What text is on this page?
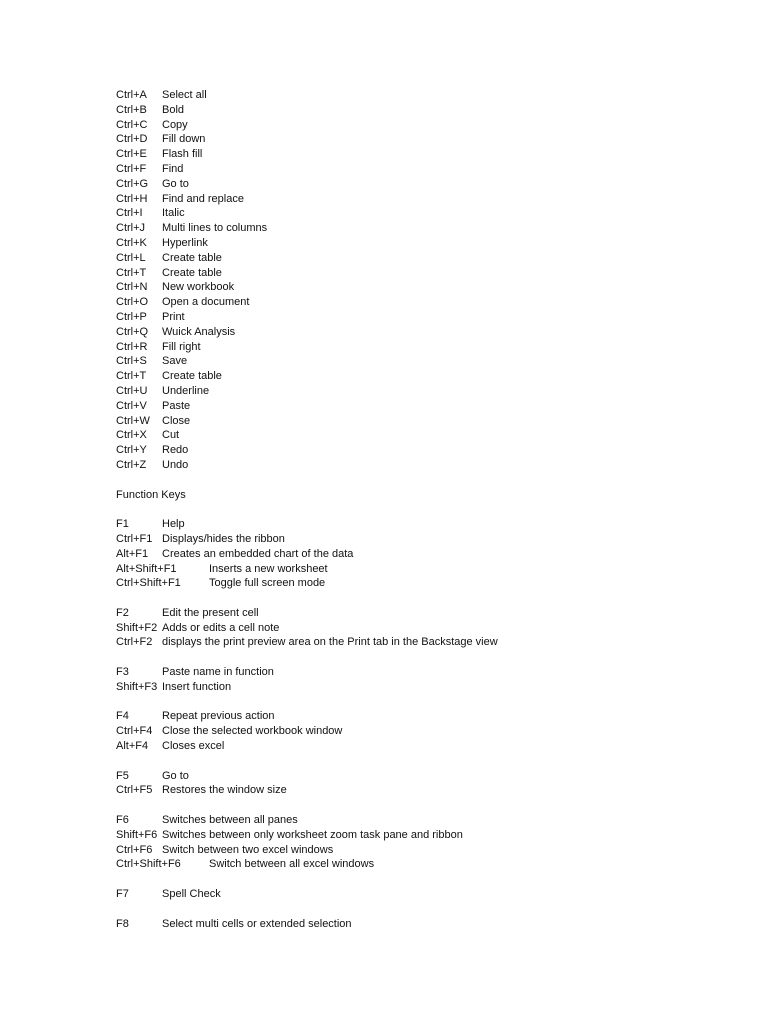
Ctrl+A Select all
Ctrl+B Bold
Ctrl+C Copy
Ctrl+D Fill down
Ctrl+E Flash fill
Ctrl+F Find
Ctrl+G Go to
Ctrl+H Find and replace
Ctrl+I Italic
Ctrl+J Multi lines to columns
Ctrl+K Hyperlink
Ctrl+L Create table
Ctrl+T Create table
Ctrl+N New workbook
Ctrl+O Open a document
Ctrl+P Print
Ctrl+Q Wuick Analysis
Ctrl+R Fill right
Ctrl+S Save
Ctrl+T Create table
Ctrl+U Underline
Ctrl+V Paste
Ctrl+W Close
Ctrl+X Cut
Ctrl+Y Redo
Ctrl+Z Undo
Function Keys
F1	Help
Ctrl+F1 Displays/hides the ribbon
Alt+F1 Creates an embedded chart of the data
Alt+Shift+F1	Inserts a new worksheet
Ctrl+Shift+F1	Toggle full screen mode
F2	Edit the present cell
Shift+F2 Adds or edits a cell note
Ctrl+F2 displays the print preview area on the Print tab in the Backstage view
F3	Paste name in function
Shift+F3 Insert function
F4	Repeat previous action
Ctrl+F4 Close the selected workbook window
Alt+F4 Closes excel
F5	Go to
Ctrl+F5 Restores the window size
F6	Switches between all panes
Shift+F6 Switches between only worksheet zoom task pane and ribbon
Ctrl+F6 Switch between two excel windows
Ctrl+Shift+F6	Switch between all excel windows
F7	Spell Check
F8	Select multi cells or extended selection
